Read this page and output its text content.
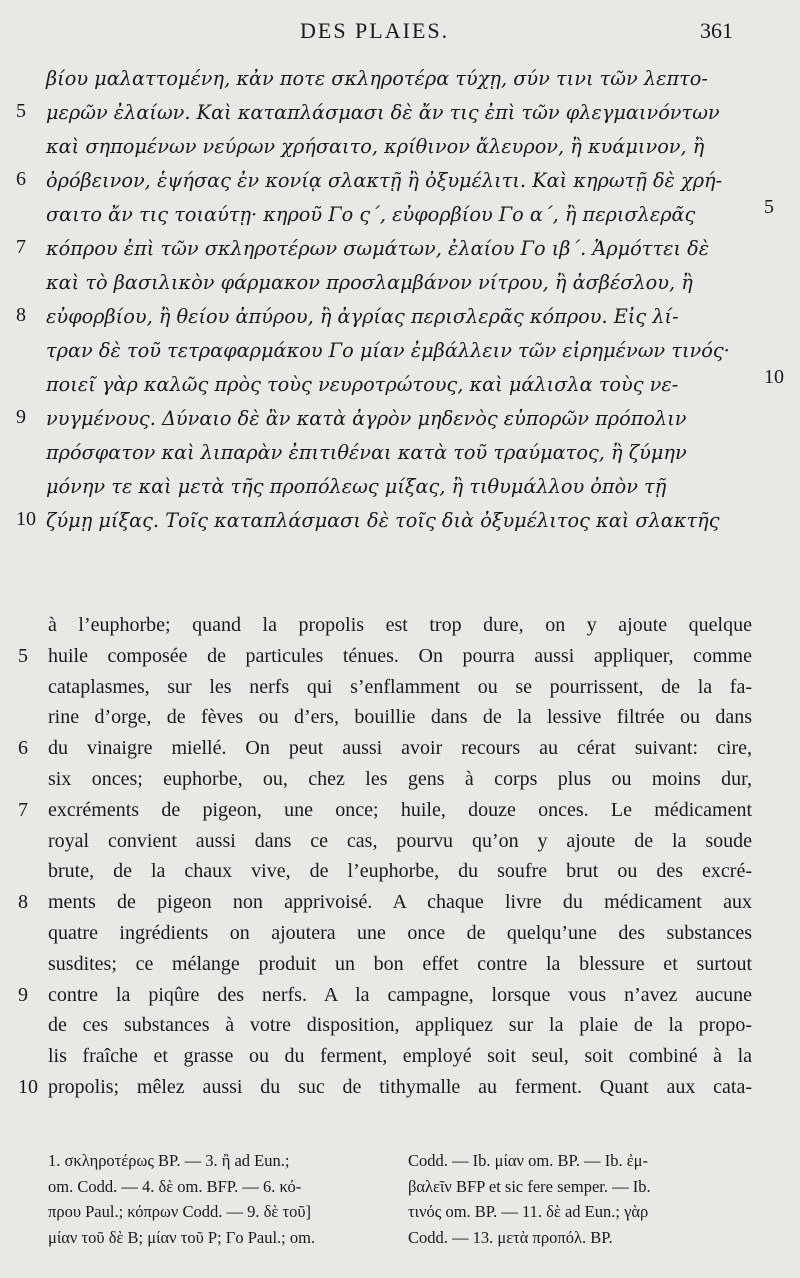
DES PLAIES.	361
βίου μαλαττομένη, κἀν ποτε σκληροτέρα τύχῃ, σύν τινι τῶν λεπτο-
5 μερῶν ἐλαίων. Καὶ καταπλάσμασι δὲ ἄν τις ἐπὶ τῶν φλεγμαινόντων
καὶ σηπομένων νεύρων χρήσαιτο, κρίθινον ἄλευρον, ἢ κυάμινον, ἢ
6 ὀρόβεινον, ἑψήσας ἐν κονίᾳ σλακτῇ ἢ ὀξυμέλιτι. Καὶ κηρωτῇ δὲ χρή-
σαιτο ἄν τις τοιαύτῃ· κηροῦ Γο ς΄, εὐφορβίου Γο α΄, ἢ περισλερᾶς	5
7 κόπρου ἐπὶ τῶν σκληροτέρων σωμάτων, ἐλαίου Γο ιβ΄. Ἁρμόττει δὲ
καὶ τὸ βασιλικὸν φάρμακον προσλαμβάνον νίτρου, ἢ ἀσβέσλου, ἢ
8 εὐφορβίου, ἢ θείου ἀπύρου, ἢ ἀγρίας περισλερᾶς κόπρου. Εἰς λί-
τραν δὲ τοῦ τετραφαρμάκου Γο μίαν ἐμβάλλειν τῶν εἰρημένων τινός·
ποιεῖ γὰρ καλῶς πρὸς τοὺς νευροτρώτους, καὶ μάλισλα τοὺς νε-	10
9 νυγμένους. Δύναιο δὲ ἂν κατὰ ἀγρὸν μηδενὸς εὐπορῶν πρόπολιν
πρόσφατον καὶ λιπαρὰν ἐπιτιθέναι κατὰ τοῦ τραύματος, ἢ ζύμην
μόνην τε καὶ μετὰ τῆς προπόλεως μίξας, ἢ τιθυμάλλου ὀπὸν τῇ
10 ζύμῃ μίξας. Τοῖς καταπλάσμασι δὲ τοῖς διὰ ὀξυμέλιτος καὶ σλακτῆς
à l’euphorbe; quand la propolis est trop dure, on y ajoute quelque
5 huile composée de particules ténues. On pourra aussi appliquer, comme
cataplasmes, sur les nerfs qui s’enflamment ou se pourrissent, de la fa-
rine d’orge, de fèves ou d’ers, bouillie dans de la lessive filtrée ou dans
6 du vinaigre miellé. On peut aussi avoir recours au cérat suivant: cire,
six onces; euphorbe, ou, chez les gens à corps plus ou moins dur,
7 excréments de pigeon, une once; huile, douze onces. Le médicament
royal convient aussi dans ce cas, pourvu qu’on y ajoute de la soude
brute, de la chaux vive, de l’euphorbe, du soufre brut ou des excré-
8 ments de pigeon non apprivoisé. A chaque livre du médicament aux
quatre ingrédients on ajoutera une once de quelqu’une des substances
susdites; ce mélange produit un bon effet contre la blessure et surtout
9 contre la piqûre des nerfs. A la campagne, lorsque vous n’avez aucune
de ces substances à votre disposition, appliquez sur la plaie de la propo-
lis fraîche et grasse ou du ferment, employé soit seul, soit combiné à la
10 propolis; mêlez aussi du suc de tithymalle au ferment. Quant aux cata-
1. σκληροτέρως BP. — 3. ἢ ad Eun.;
om. Codd. — 4. δὲ om. BFP. — 6. κό-
πρου Paul.; κόπρων Codd. — 9. δὲ τοῦ]
μίαν τοῦ δὲ B; μίαν τοῦ P; Γο Paul.; om.
Codd. — Ib. μίαν om. BP. — Ib. ἐμ-
βαλεῖν BFP et sic fere semper. — Ib.
τινός om. BP. — 11. δὲ ad Eun.; γὰρ
Codd. — 13. μετὰ προπόλ. BP.
